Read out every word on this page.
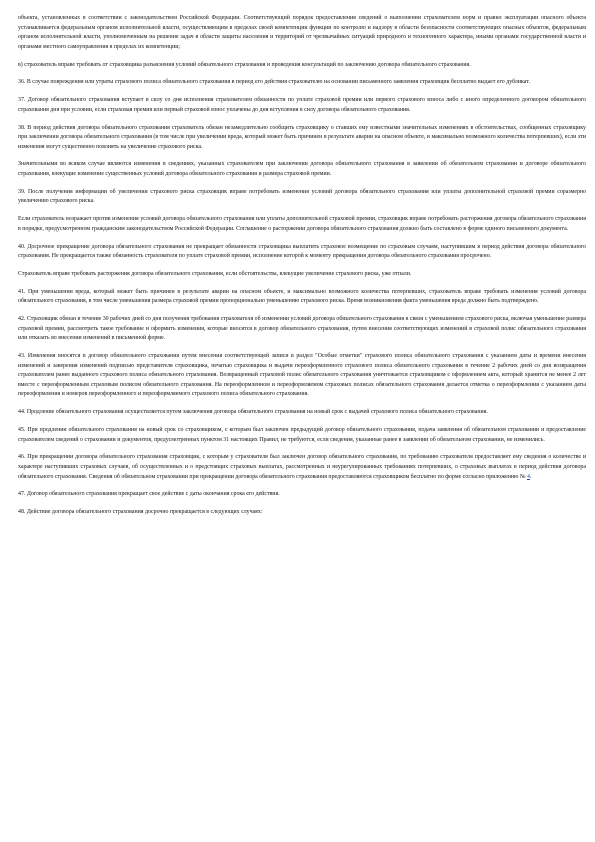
объекта, установленных в соответствии с законодательством Российской Федерации. Соответствующий порядок предоставления сведений о выполнении страхователем норм и правил эксплуатации опасного объекта устанавливается федеральным органом исполнительной власти, осуществляющим в пределах своей компетенции функции по контролю и надзору в области безопасности соответствующих опасных объектов, федеральным органом исполнительной власти, уполномоченным на решение задач в области защиты населения и территорий от чрезвычайных ситуаций природного и техногенного характера, иными органами государственной власти и органами местного самоуправления в пределах их компетенции;

в) страхователь вправе требовать от страховщика разъяснения условий обязательного страхования и проведения консультаций по заключению договора обязательного страхования.

36. В случае повреждения или утраты страхового полиса обязательного страхования в период его действия страхователю на основании письменного заявления страховщик бесплатно выдает его дубликат.

37. Договор обязательного страхования вступает в силу со дня исполнения страхователем обязанности по уплате страховой премии или первого страхового взноса либо с иного определенного договором обязательного страхования дня при условии, если страховая премия или первый страховой взнос уплачены до дня вступления в силу договора обязательного страхования.

38. В период действия договора обязательного страхования страхователь обязан незамедлительно сообщить страховщику о ставших ему известными значительных изменениях в обстоятельствах, сообщенных страховщику при заключении договора обязательного страхования (в том числе при увеличении вреда, который может быть причинен в результате аварии на опасном объекте, и максимально возможного количества потерпевших), если эти изменения могут существенно повлиять на увеличение страхового риска.

Значительными во всяком случае являются изменения в сведениях, указанных страхователем при заключении договора обязательного страхования в заявлении об обязательном страховании и договоре обязательного страхования, влекущие изменение существенных условий договора обязательного страхования и размера страховой премии.

39. После получения информации об увеличении страхового риска страховщик вправе потребовать изменения условий договора обязательного страхования или уплаты дополнительной страховой премии соразмерно увеличению страхового риска.

Если страхователь возражает против изменения условий договора обязательного страхования или уплаты дополнительной страховой премии, страховщик вправе потребовать расторжения договора обязательного страхования в порядке, предусмотренном гражданским законодательством Российской Федерации. Соглашение о расторжении договора обязательного страхования должно быть составлено в форме единого письменного документа.

40. Досрочное прекращение договора обязательного страхования не прекращает обязанности страховщика выплатить страховое возмещение по страховым случаям, наступившим в период действия договора обязательного страхования. Не прекращается также обязанность страхователя по уплате страховой премии, исполнение которой к моменту прекращения договора обязательного страхования просрочено.

Страхователь вправе требовать расторжения договора обязательного страхования, если обстоятельства, влекущие увеличение страхового риска, уже отпали.

41. При уменьшении вреда, который может быть причинен в результате аварии на опасном объекте, и максимально возможного количества потерпевших, страхователь вправе требовать изменения условий договора обязательного страхования, в том числе уменьшения размера страховой премии пропорционально уменьшению страхового риска. Время возникновения факта уменьшения вреда должно быть подтверждено.

42. Страховщик обязан в течение 30 рабочих дней со дня получения требования страхователя об изменении условий договора обязательного страхования в связи с уменьшением страхового риска, включая уменьшение размера страховой премии, рассмотреть такое требование и оформить изменения, которые вносятся в договор обязательного страхования, путем внесения соответствующих изменений в страховой полис обязательного страхования или отказать во внесении изменений в письменной форме.

43. Изменения вносятся в договор обязательного страхования путем внесения соответствующей записи в раздел "Особые отметки" страхового полиса обязательного страхования с указанием даты и времени внесения изменений и заверения изменений подписью представителя страховщика, печатью страховщика и выдачи переоформленного страхового полиса обязательного страхования в течение 2 рабочих дней со дня возвращения страхователем ранее выданного страхового полиса обязательного страхования. Возвращенный страховой полис обязательного страхования уничтожается страховщиком с оформлением акта, который хранится не менее 2 лет вместе с переоформленным страховым полисом обязательного страхования. На переоформленном и переоформляемом страховых полисах обязательного страхования делается отметка о переоформлении с указанием даты переоформления и номеров переоформленного и переоформляемого страхового полиса обязательного страхования.

44. Продление обязательного страхования осуществляется путем заключения договора обязательного страхования на новый срок с выдачей страхового полиса обязательного страхования.

45. При продлении обязательного страхования на новый срок со страховщиком, с которым был заключен предыдущий договор обязательного страхования, подача заявления об обязательном страховании и предоставление страхователем сведений о страховании и документов, предусмотренных пунктом 31 настоящих Правил, не требуются, если сведения, указанные ранее в заявлении об обязательном страховании, не изменились.

46. При прекращении договора обязательного страхования страховщик, с которым у страхователя был заключен договор обязательного страхования, по требованию страхователя предоставляет ему сведения о количестве и характере наступивших страховых случаев, об осуществленных и о предстоящих страховых выплатах, рассмотренных и неурегулированных требованиях потерпевших, о страховых выплатах в период действия договора обязательного страхования. Сведения об обязательном страховании при прекращении договора обязательного страхования предоставляются страховщиком бесплатно по форме согласно приложению № 4.

47. Договор обязательного страхования прекращает свое действие с даты окончания срока его действия.

48. Действие договора обязательного страхования досрочно прекращается в следующих случаях:
